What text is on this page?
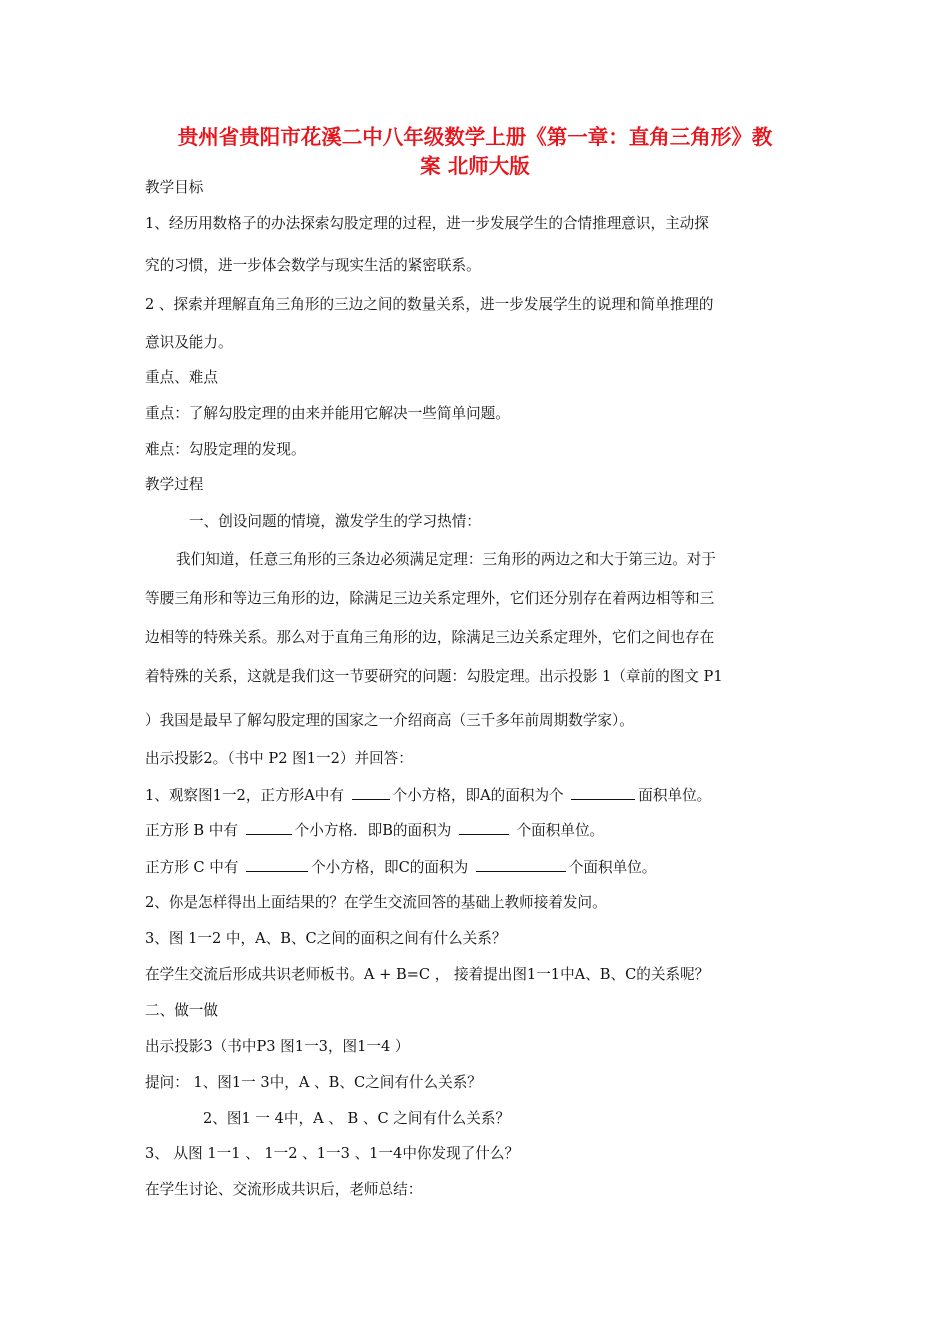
贵州省贵阳市花溪二中八年级数学上册《第一章：直角三角形》教
案 北师大版

教学目标

1、经历用数格子的办法探索勾股定理的过程，进一步发展学生的合情推理意识，主动探

究的习惯，进一步体会数学与现实生活的紧密联系。

2 、探索并理解直角三角形的三边之间的数量关系，进一步发展学生的说理和简单推理的

意识及能力。

重点、难点

重点：了解勾股定理的由来并能用它解决一些简单问题。

难点：勾股定理的发现。

教学过程

一、创设问题的情境，激发学生的学习热情：

我们知道，任意三角形的三条边必须满足定理：三角形的两边之和大于第三边。对于

等腰三角形和等边三角形的边，除满足三边关系定理外，它们还分别存在着两边相等和三

边相等的特殊关系。那么对于直角三角形的边，除满足三边关系定理外，它们之间也存在

着特殊的关系，这就是我们这一节要研究的问题：勾股定理。出示投影 1（章前的图文 P1

）我国是最早了解勾股定理的国家之一介绍商高（三千多年前周期数学家）。

出示投影2。（书中 P2 图1一2）并回答：

1、观察图1一2，正方形A中有	个小方格，即A的面积为个	面积单位。

正方形 B 中有	个小方格．即B的面积为	个面积单位。

正方形 C 中有	个小方格，即C的面积为	个面积单位。

2、你是怎样得出上面结果的？在学生交流回答的基础上教师接着发问。

3、图 1一2 中，A、B、C之间的面积之间有什么关系？

在学生交流后形成共识老师板书。A + B=C ， 接着提出图1一1中A、B、C的关系呢？

二、做一做

出示投影3（书中P3 图1一3，图1一4 ）

提问： 1、图1一 3中，A 、B、C之间有什么关系？

2、图1 一 4中，A 、 B 、C 之间有什么关系？

3、 从图 1一1 、 1一2 、1一3 、1一4中你发现了什么？

在学生讨论、交流形成共识后，老师总结：
